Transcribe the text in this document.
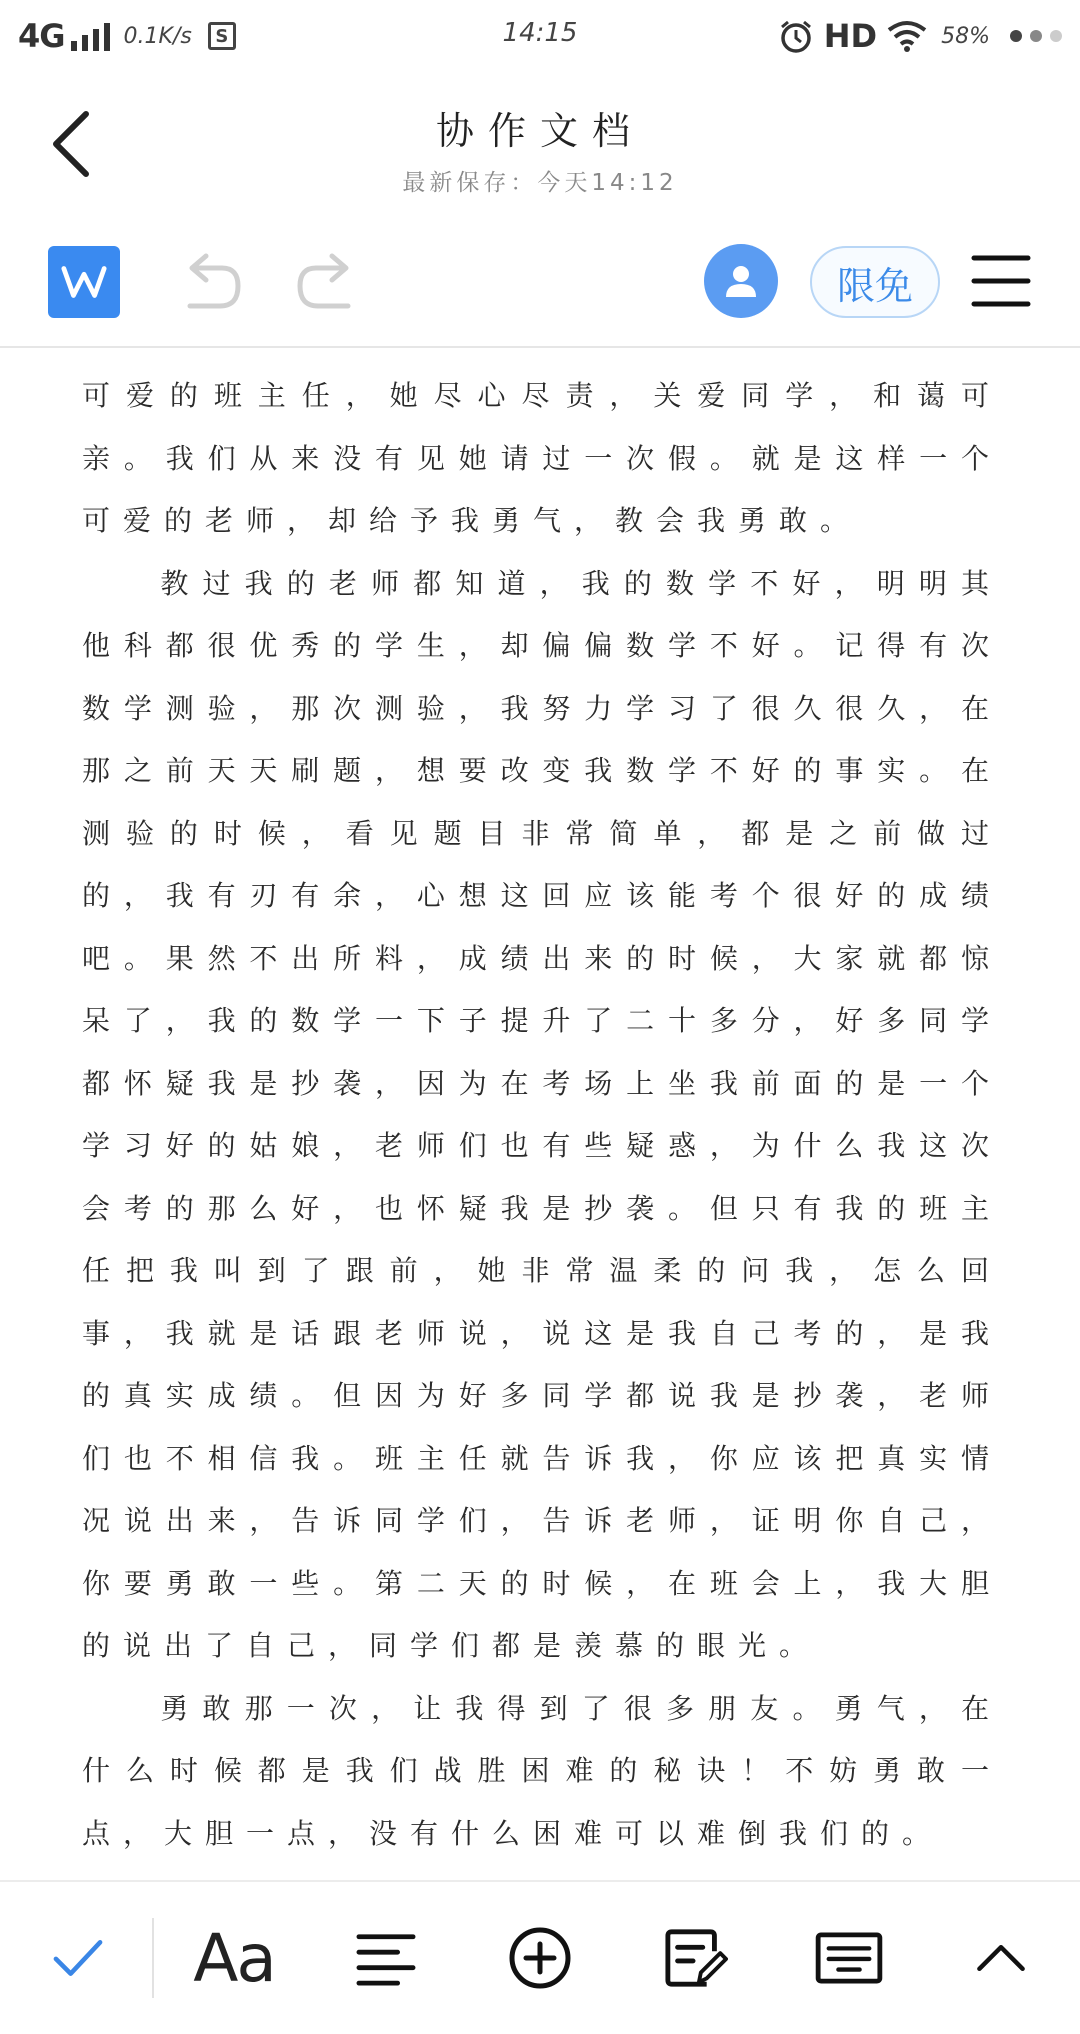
4G	0.1K/s	S	14:15	HD	58%
协作文档
最新保存：今天14:12
限免

可爱的班主任，她尽心尽责，关爱同学，和蔼可亲。我们从来没有见她请过一次假。就是这样一个可爱的老师，却给予我勇气，教会我勇敢。

教过我的老师都知道，我的数学不好，明明其他科都很优秀的学生，却偏偏数学不好。记得有次数学测验，那次测验，我努力学习了很久很久，在那之前天天刷题，想要改变我数学不好的事实。在测验的时候，看见题目非常简单，都是之前做过的，我有刃有余，心想这回应该能考个很好的成绩吧。果然不出所料，成绩出来的时候，大家就都惊呆了，我的数学一下子提升了二十多分，好多同学都怀疑我是抄袭，因为在考场上坐我前面的是一个学习好的姑娘，老师们也有些疑惑，为什么我这次会考的那么好，也怀疑我是抄袭。但只有我的班主任把我叫到了跟前，她非常温柔的问我，怎么回事，我就是话跟老师说，说这是我自己考的，是我的真实成绩。但因为好多同学都说我是抄袭，老师们也不相信我。班主任就告诉我，你应该把真实情况说出来，告诉同学们，告诉老师，证明你自己，你要勇敢一些。第二天的时候，在班会上，我大胆的说出了自己，同学们都是羡慕的眼光。

勇敢那一次，让我得到了很多朋友。勇气，在什么时候都是我们战胜困难的秘诀！不妨勇敢一点，大胆一点，没有什么困难可以难倒我们的。

Aa
